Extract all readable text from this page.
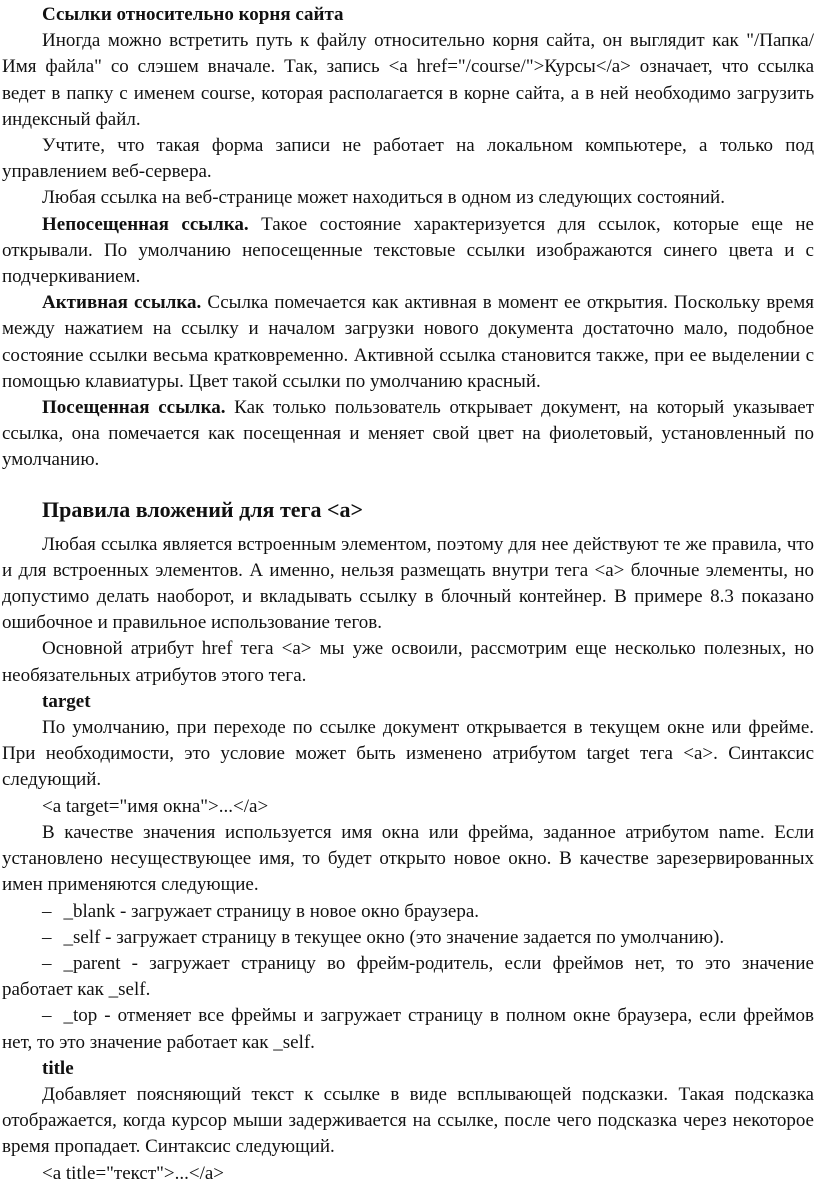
Ссылки относительно корня сайта

Иногда можно встретить путь к файлу относительно корня сайта, он выглядит как "/Папка/Имя файла" со слэшем вначале. Так, запись <a href="/course/">Курсы</a> означает, что ссылка ведет в папку с именем course, которая располагается в корне сайта, а в ней необходимо загрузить индексный файл.

Учтите, что такая форма записи не работает на локальном компьютере, а только под управлением веб-сервера.

Любая ссылка на веб-странице может находиться в одном из следующих состояний.

Непосещенная ссылка. Такое состояние характеризуется для ссылок, которые еще не открывали. По умолчанию непосещенные текстовые ссылки изображаются синего цвета и с подчеркиванием.

Активная ссылка. Ссылка помечается как активная в момент ее открытия. Поскольку время между нажатием на ссылку и началом загрузки нового документа достаточно мало, подобное состояние ссылки весьма кратковременно. Активной ссылка становится также, при ее выделении с помощью клавиатуры. Цвет такой ссылки по умолчанию красный.

Посещенная ссылка. Как только пользователь открывает документ, на который указывает ссылка, она помечается как посещенная и меняет свой цвет на фиолетовый, установленный по умолчанию.

Правила вложений для тега <a>

Любая ссылка является встроенным элементом, поэтому для нее действуют те же правила, что и для встроенных элементов. А именно, нельзя размещать внутри тега <a> блочные элементы, но допустимо делать наоборот, и вкладывать ссылку в блочный контейнер. В примере 8.3 показано ошибочное и правильное использование тегов.

Основной атрибут href тега <a> мы уже освоили, рассмотрим еще несколько полезных, но необязательных атрибутов этого тега.

target

По умолчанию, при переходе по ссылке документ открывается в текущем окне или фрейме. При необходимости, это условие может быть изменено атрибутом target тега <a>. Синтаксис следующий.

<a target="имя окна">...</a>

В качестве значения используется имя окна или фрейма, заданное атрибутом name. Если установлено несуществующее имя, то будет открыто новое окно. В качестве зарезервированных имен применяются следующие.

– _blank - загружает страницу в новое окно браузера.

– _self - загружает страницу в текущее окно (это значение задается по умолчанию).

– _parent - загружает страницу во фрейм-родитель, если фреймов нет, то это значение работает как _self.

– _top - отменяет все фреймы и загружает страницу в полном окне браузера, если фреймов нет, то это значение работает как _self.

title

Добавляет поясняющий текст к ссылке в виде всплывающей подсказки. Такая подсказка отображается, когда курсор мыши задерживается на ссылке, после чего подсказка через некоторое время пропадает. Синтаксис следующий.

<a title="текст">...</a>
